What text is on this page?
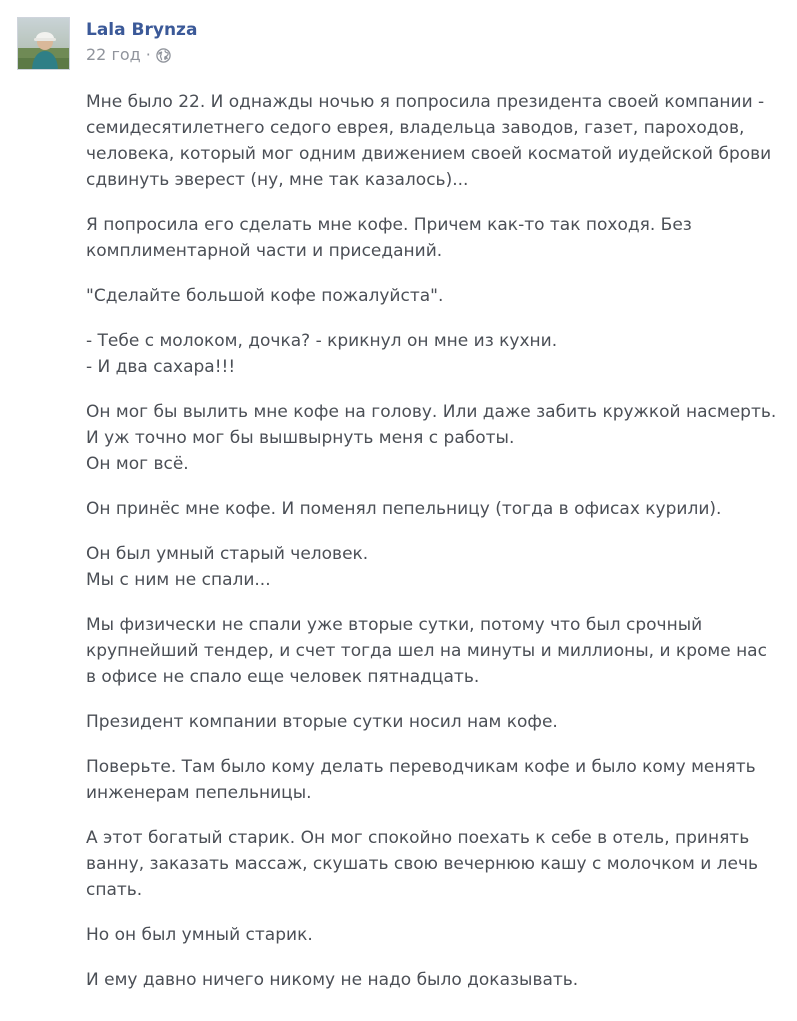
Lala Brynza
22 год ·

Мне было 22. И однажды ночью я попросила президента своей компании - семидесятилетнего седого еврея, владельца заводов, газет, пароходов, человека, который мог одним движением своей косматой иудейской брови сдвинуть эверест (ну, мне так казалось)...

Я попросила его сделать мне кофе. Причем как-то так походя. Без комплиментарной части и приседаний.

"Сделайте большой кофе пожалуйста".

- Тебе с молоком, дочка? - крикнул он мне из кухни.
- И два сахара!!!

Он мог бы вылить мне кофе на голову. Или даже забить кружкой насмерть. И уж точно мог бы вышвырнуть меня с работы.
Он мог всё.

Он принёс мне кофе. И поменял пепельницу (тогда в офисах курили).

Он был умный старый человек.
Мы с ним не спали...

Мы физически не спали уже вторые сутки, потому что был срочный крупнейший тендер, и счет тогда шел на минуты и миллионы, и кроме нас в офисе не спало еще человек пятнадцать.

Президент компании вторые сутки носил нам кофе.

Поверьте. Там было кому делать переводчикам кофе и было кому менять инженерам пепельницы.

А этот богатый старик. Он мог спокойно поехать к себе в отель, принять ванну, заказать массаж, скушать свою вечернюю кашу с молочком и лечь спать.

Но он был умный старик.

И ему давно ничего никому не надо было доказывать.
